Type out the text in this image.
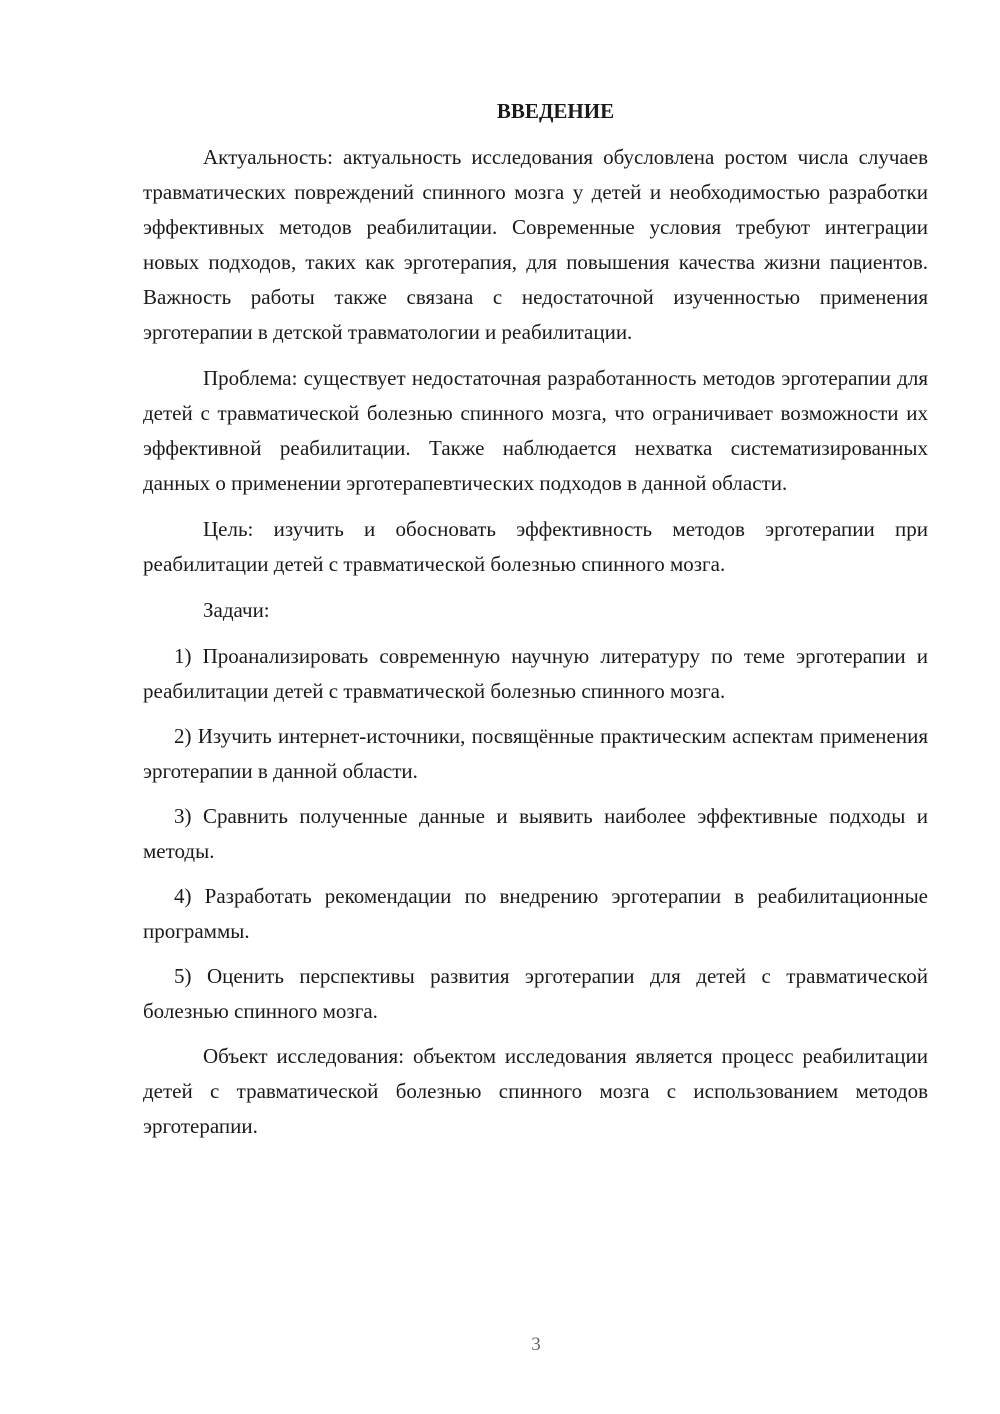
ВВЕДЕНИЕ

Актуальность: актуальность исследования обусловлена ростом числа случаев травматических повреждений спинного мозга у детей и необходимостью разработки эффективных методов реабилитации. Современные условия требуют интеграции новых подходов, таких как эрготерапия, для повышения качества жизни пациентов. Важность работы также связана с недостаточной изученностью применения эрготерапии в детской травматологии и реабилитации.

Проблема: существует недостаточная разработанность методов эрготерапии для детей с травматической болезнью спинного мозга, что ограничивает возможности их эффективной реабилитации. Также наблюдается нехватка систематизированных данных о применении эрготерапевтических подходов в данной области.

Цель: изучить и обосновать эффективность методов эрготерапии при реабилитации детей с травматической болезнью спинного мозга.

Задачи:

1) Проанализировать современную научную литературу по теме эрготерапии и реабилитации детей с травматической болезнью спинного мозга.

2) Изучить интернет-источники, посвящённые практическим аспектам применения эрготерапии в данной области.

3) Сравнить полученные данные и выявить наиболее эффективные подходы и методы.

4) Разработать рекомендации по внедрению эрготерапии в реабилитационные программы.

5) Оценить перспективы развития эрготерапии для детей с травматической болезнью спинного мозга.

Объект исследования: объектом исследования является процесс реабилитации детей с травматической болезнью спинного мозга с использованием методов эрготерапии.

3
